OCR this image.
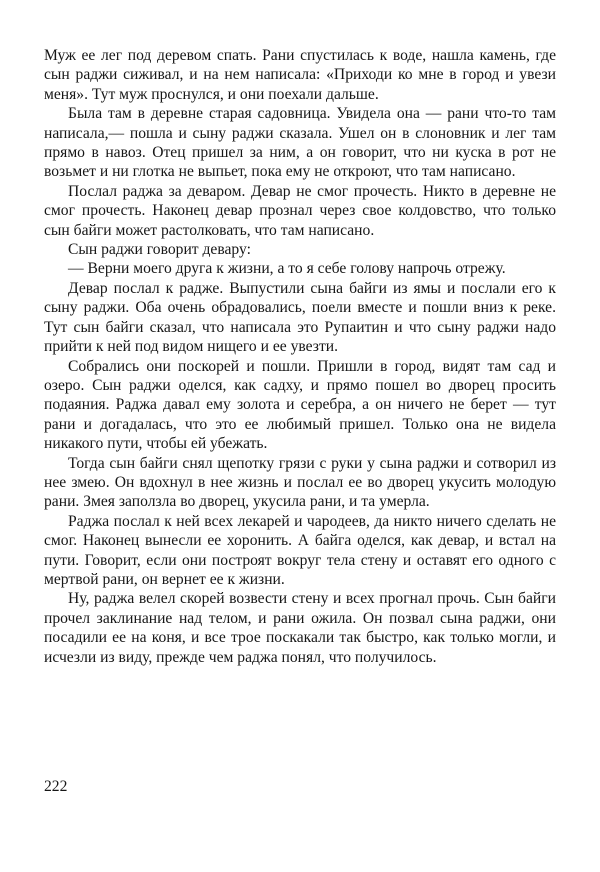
Муж ее лег под деревом спать. Рани спустилась к воде, нашла камень, где сын раджи сиживал, и на нем написала: «Приходи ко мне в город и увези меня». Тут муж проснулся, и они поехали дальше.

Была там в деревне старая садовница. Увидела она — рани что-то там написала,— пошла и сыну раджи сказала. Ушел он в слоновник и лег там прямо в навоз. Отец пришел за ним, а он говорит, что ни куска в рот не возьмет и ни глотка не выпьет, пока ему не откроют, что там написано.

Послал раджа за деваром. Девар не смог прочесть. Никто в деревне не смог прочесть. Наконец девар прознал через свое колдовство, что только сын байги может растолковать, что там написано.

Сын раджи говорит девару:

— Верни моего друга к жизни, а то я себе голову напрочь отрежу.

Девар послал к радже. Выпустили сына байги из ямы и послали его к сыну раджи. Оба очень обрадовались, поели вместе и пошли вниз к реке. Тут сын байги сказал, что написала это Рупаитин и что сыну раджи надо прийти к ней под видом нищего и ее увезти.

Собрались они поскорей и пошли. Пришли в город, видят там сад и озеро. Сын раджи оделся, как садху, и прямо пошел во дворец просить подаяния. Раджа давал ему золота и серебра, а он ничего не берет — тут рани и догадалась, что это ее любимый пришел. Только она не видела никакого пути, чтобы ей убежать.

Тогда сын байги снял щепотку грязи с руки у сына раджи и сотворил из нее змею. Он вдохнул в нее жизнь и послал ее во дворец укусить молодую рани. Змея заползла во дворец, укусила рани, и та умерла.

Раджа послал к ней всех лекарей и чародеев, да никто ничего сделать не смог. Наконец вынесли ее хоронить. А байга оделся, как девар, и встал на пути. Говорит, если они построят вокруг тела стену и оставят его одного с мертвой рани, он вернет ее к жизни.

Ну, раджа велел скорей возвести стену и всех прогнал прочь. Сын байги прочел заклинание над телом, и рани ожила. Он позвал сына раджи, они посадили ее на коня, и все трое поскакали так быстро, как только могли, и исчезли из виду, прежде чем раджа понял, что получилось.

222
